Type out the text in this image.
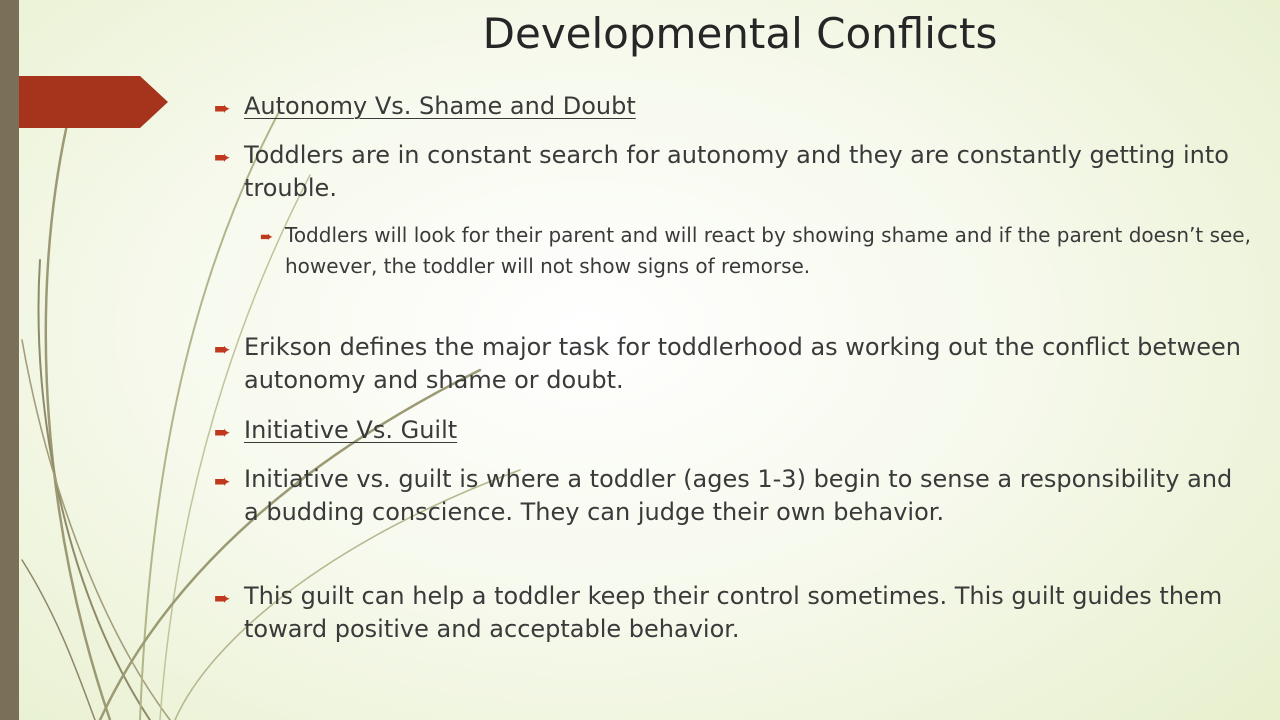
Developmental Conflicts
➨ Autonomy Vs. Shame and Doubt
➨ Toddlers are in constant search for autonomy and they are constantly getting into trouble.
➨ Toddlers will look for their parent and will react by showing shame and if the parent doesn’t see, however, the toddler will not show signs of remorse.
➨ Erikson defines the major task for toddlerhood as working out the conflict between autonomy and shame or doubt.
➨ Initiative Vs. Guilt
➨ Initiative vs. guilt is where a toddler (ages 1-3) begin to sense a responsibility and a budding conscience. They can judge their own behavior.
➨ This guilt can help a toddler keep their control sometimes. This guilt guides them toward positive and acceptable behavior.
